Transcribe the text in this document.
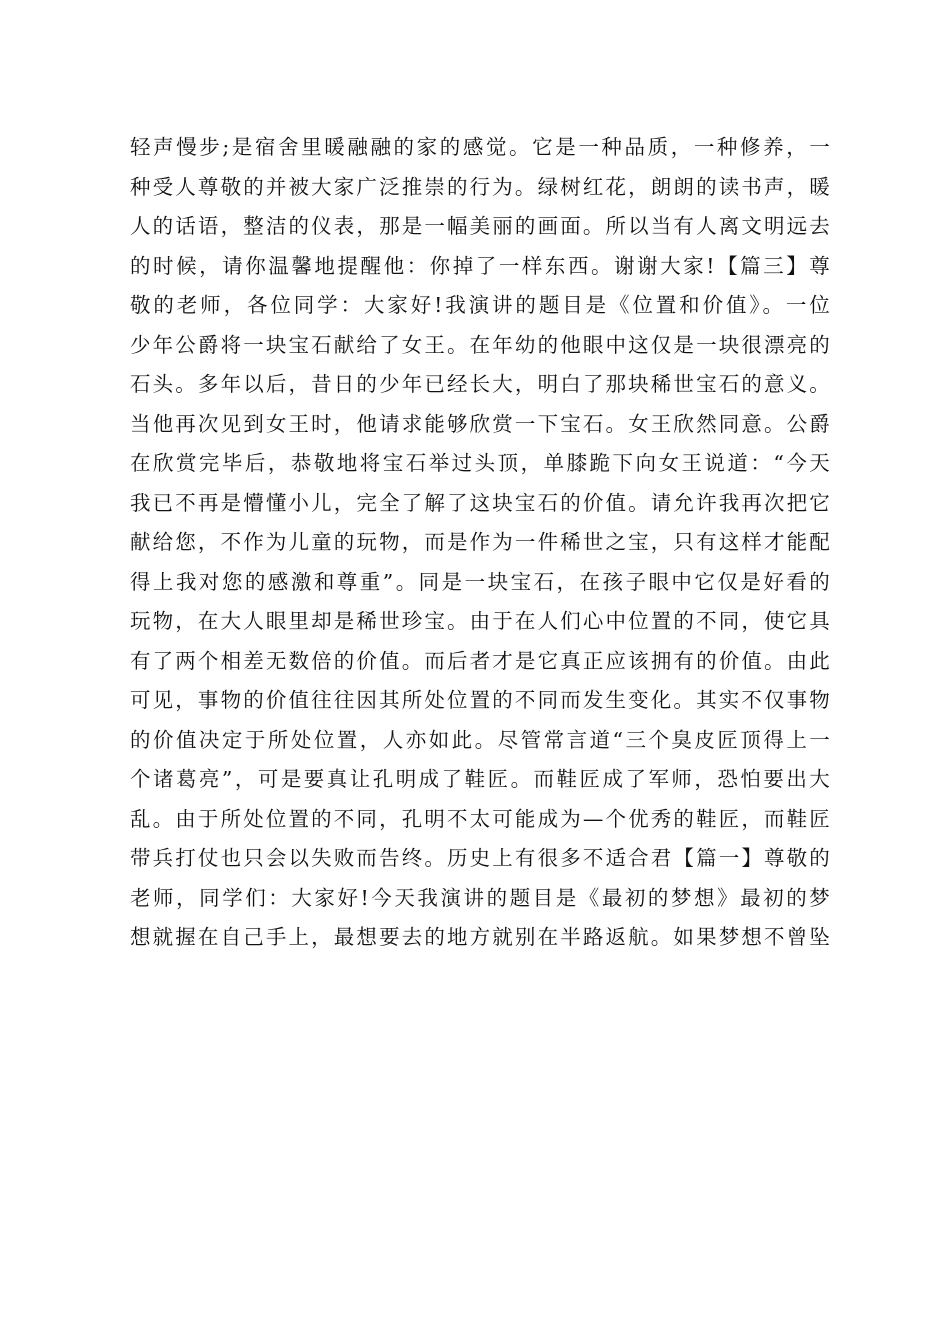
轻声慢步;是宿舍里暖融融的家的感觉。它是一种品质，一种修养，一
种受人尊敬的并被大家广泛推崇的行为。绿树红花，朗朗的读书声，暖
人的话语，整洁的仪表，那是一幅美丽的画面。所以当有人离文明远去
的时候，请你温馨地提醒他：你掉了一样东西。谢谢大家!【篇三】尊
敬的老师，各位同学：大家好!我演讲的题目是《位置和价值》。一位
少年公爵将一块宝石献给了女王。在年幼的他眼中这仅是一块很漂亮的
石头。多年以后，昔日的少年已经长大，明白了那块稀世宝石的意义。
当他再次见到女王时，他请求能够欣赏一下宝石。女王欣然同意。公爵
在欣赏完毕后，恭敬地将宝石举过头顶，单膝跪下向女王说道：“今天
我已不再是懵懂小儿，完全了解了这块宝石的价值。请允许我再次把它
献给您，不作为儿童的玩物，而是作为一件稀世之宝，只有这样才能配
得上我对您的感激和尊重”。同是一块宝石，在孩子眼中它仅是好看的
玩物，在大人眼里却是稀世珍宝。由于在人们心中位置的不同，使它具
有了两个相差无数倍的价值。而后者才是它真正应该拥有的价值。由此
可见，事物的价值往往因其所处位置的不同而发生变化。其实不仅事物
的价值决定于所处位置，人亦如此。尽管常言道“三个臭皮匠顶得上一
个诸葛亮”，可是要真让孔明成了鞋匠。而鞋匠成了军师，恐怕要出大
乱。由于所处位置的不同，孔明不太可能成为—个优秀的鞋匠，而鞋匠
带兵打仗也只会以失败而告终。历史上有很多不适合君【篇一】尊敬的
老师，同学们：大家好!今天我演讲的题目是《最初的梦想》最初的梦
想就握在自己手上，最想要去的地方就别在半路返航。如果梦想不曾坠
